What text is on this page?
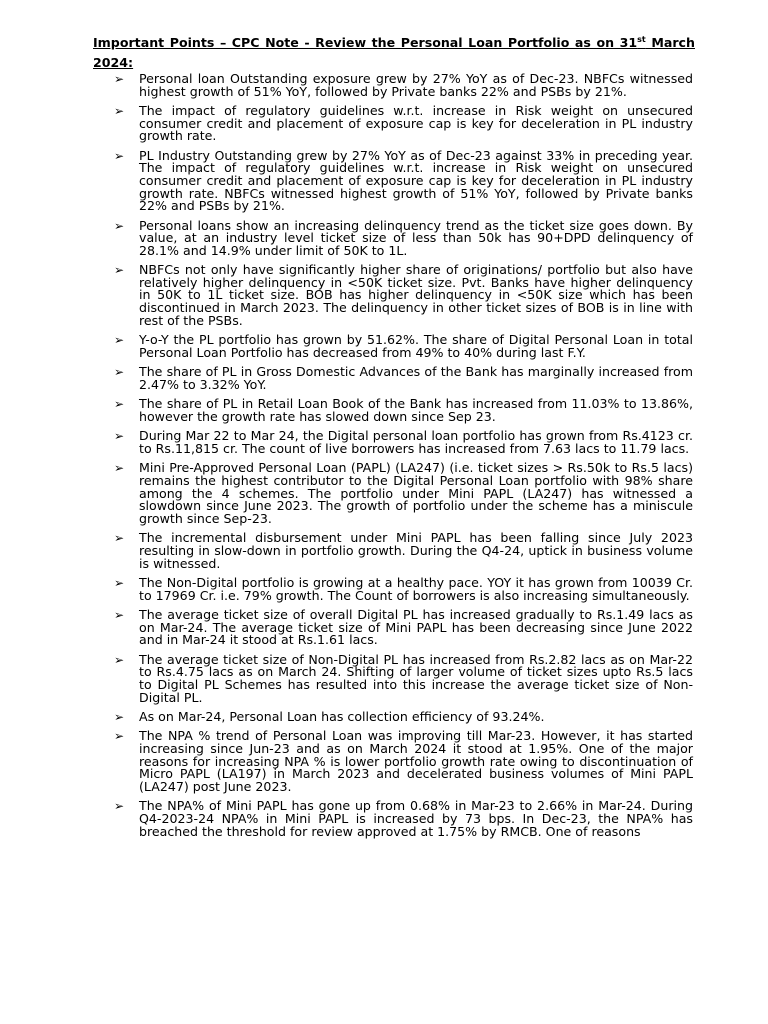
Important Points – CPC Note - Review the Personal Loan Portfolio as on 31st March 2024:

➢ Personal loan Outstanding exposure grew by 27% YoY as of Dec-23. NBFCs witnessed highest growth of 51% YoY, followed by Private banks 22% and PSBs by 21%.
➢ The impact of regulatory guidelines w.r.t. increase in Risk weight on unsecured consumer credit and placement of exposure cap is key for deceleration in PL industry growth rate.
➢ PL Industry Outstanding grew by 27% YoY as of Dec-23 against 33% in preceding year. The impact of regulatory guidelines w.r.t. increase in Risk weight on unsecured consumer credit and placement of exposure cap is key for deceleration in PL industry growth rate. NBFCs witnessed highest growth of 51% YoY, followed by Private banks 22% and PSBs by 21%.
➢ Personal loans show an increasing delinquency trend as the ticket size goes down. By value, at an industry level ticket size of less than 50k has 90+DPD delinquency of 28.1% and 14.9% under limit of 50K to 1L.
➢ NBFCs not only have significantly higher share of originations/ portfolio but also have relatively higher delinquency in <50K ticket size. Pvt. Banks have higher delinquency in 50K to 1L ticket size. BOB has higher delinquency in <50K size which has been discontinued in March 2023. The delinquency in other ticket sizes of BOB is in line with rest of the PSBs.
➢ Y-o-Y the PL portfolio has grown by 51.62%. The share of Digital Personal Loan in total Personal Loan Portfolio has decreased from 49% to 40% during last F.Y.
➢ The share of PL in Gross Domestic Advances of the Bank has marginally increased from 2.47% to 3.32% YoY.
➢ The share of PL in Retail Loan Book of the Bank has increased from 11.03% to 13.86%, however the growth rate has slowed down since Sep 23.
➢ During Mar 22 to Mar 24, the Digital personal loan portfolio has grown from Rs.4123 cr. to Rs.11,815 cr. The count of live borrowers has increased from 7.63 lacs to 11.79 lacs.
➢ Mini Pre-Approved Personal Loan (PAPL) (LA247) (i.e. ticket sizes > Rs.50k to Rs.5 lacs) remains the highest contributor to the Digital Personal Loan portfolio with 98% share among the 4 schemes. The portfolio under Mini PAPL (LA247) has witnessed a slowdown since June 2023. The growth of portfolio under the scheme has a miniscule growth since Sep-23.
➢ The incremental disbursement under Mini PAPL has been falling since July 2023 resulting in slow-down in portfolio growth. During the Q4-24, uptick in business volume is witnessed.
➢ The Non-Digital portfolio is growing at a healthy pace. YOY it has grown from 10039 Cr. to 17969 Cr. i.e. 79% growth. The Count of borrowers is also increasing simultaneously.
➢ The average ticket size of overall Digital PL has increased gradually to Rs.1.49 lacs as on Mar-24. The average ticket size of Mini PAPL has been decreasing since June 2022 and in Mar-24 it stood at Rs.1.61 lacs.
➢ The average ticket size of Non-Digital PL has increased from Rs.2.82 lacs as on Mar-22 to Rs.4.75 lacs as on March 24. Shifting of larger volume of ticket sizes upto Rs.5 lacs to Digital PL Schemes has resulted into this increase the average ticket size of Non-Digital PL.
➢ As on Mar-24, Personal Loan has collection efficiency of 93.24%.
➢ The NPA % trend of Personal Loan was improving till Mar-23. However, it has started increasing since Jun-23 and as on March 2024 it stood at 1.95%. One of the major reasons for increasing NPA % is lower portfolio growth rate owing to discontinuation of Micro PAPL (LA197) in March 2023 and decelerated business volumes of Mini PAPL (LA247) post June 2023.
➢ The NPA% of Mini PAPL has gone up from 0.68% in Mar-23 to 2.66% in Mar-24. During Q4-2023-24 NPA% in Mini PAPL is increased by 73 bps. In Dec-23, the NPA% has breached the threshold for review approved at 1.75% by RMCB. One of reasons
